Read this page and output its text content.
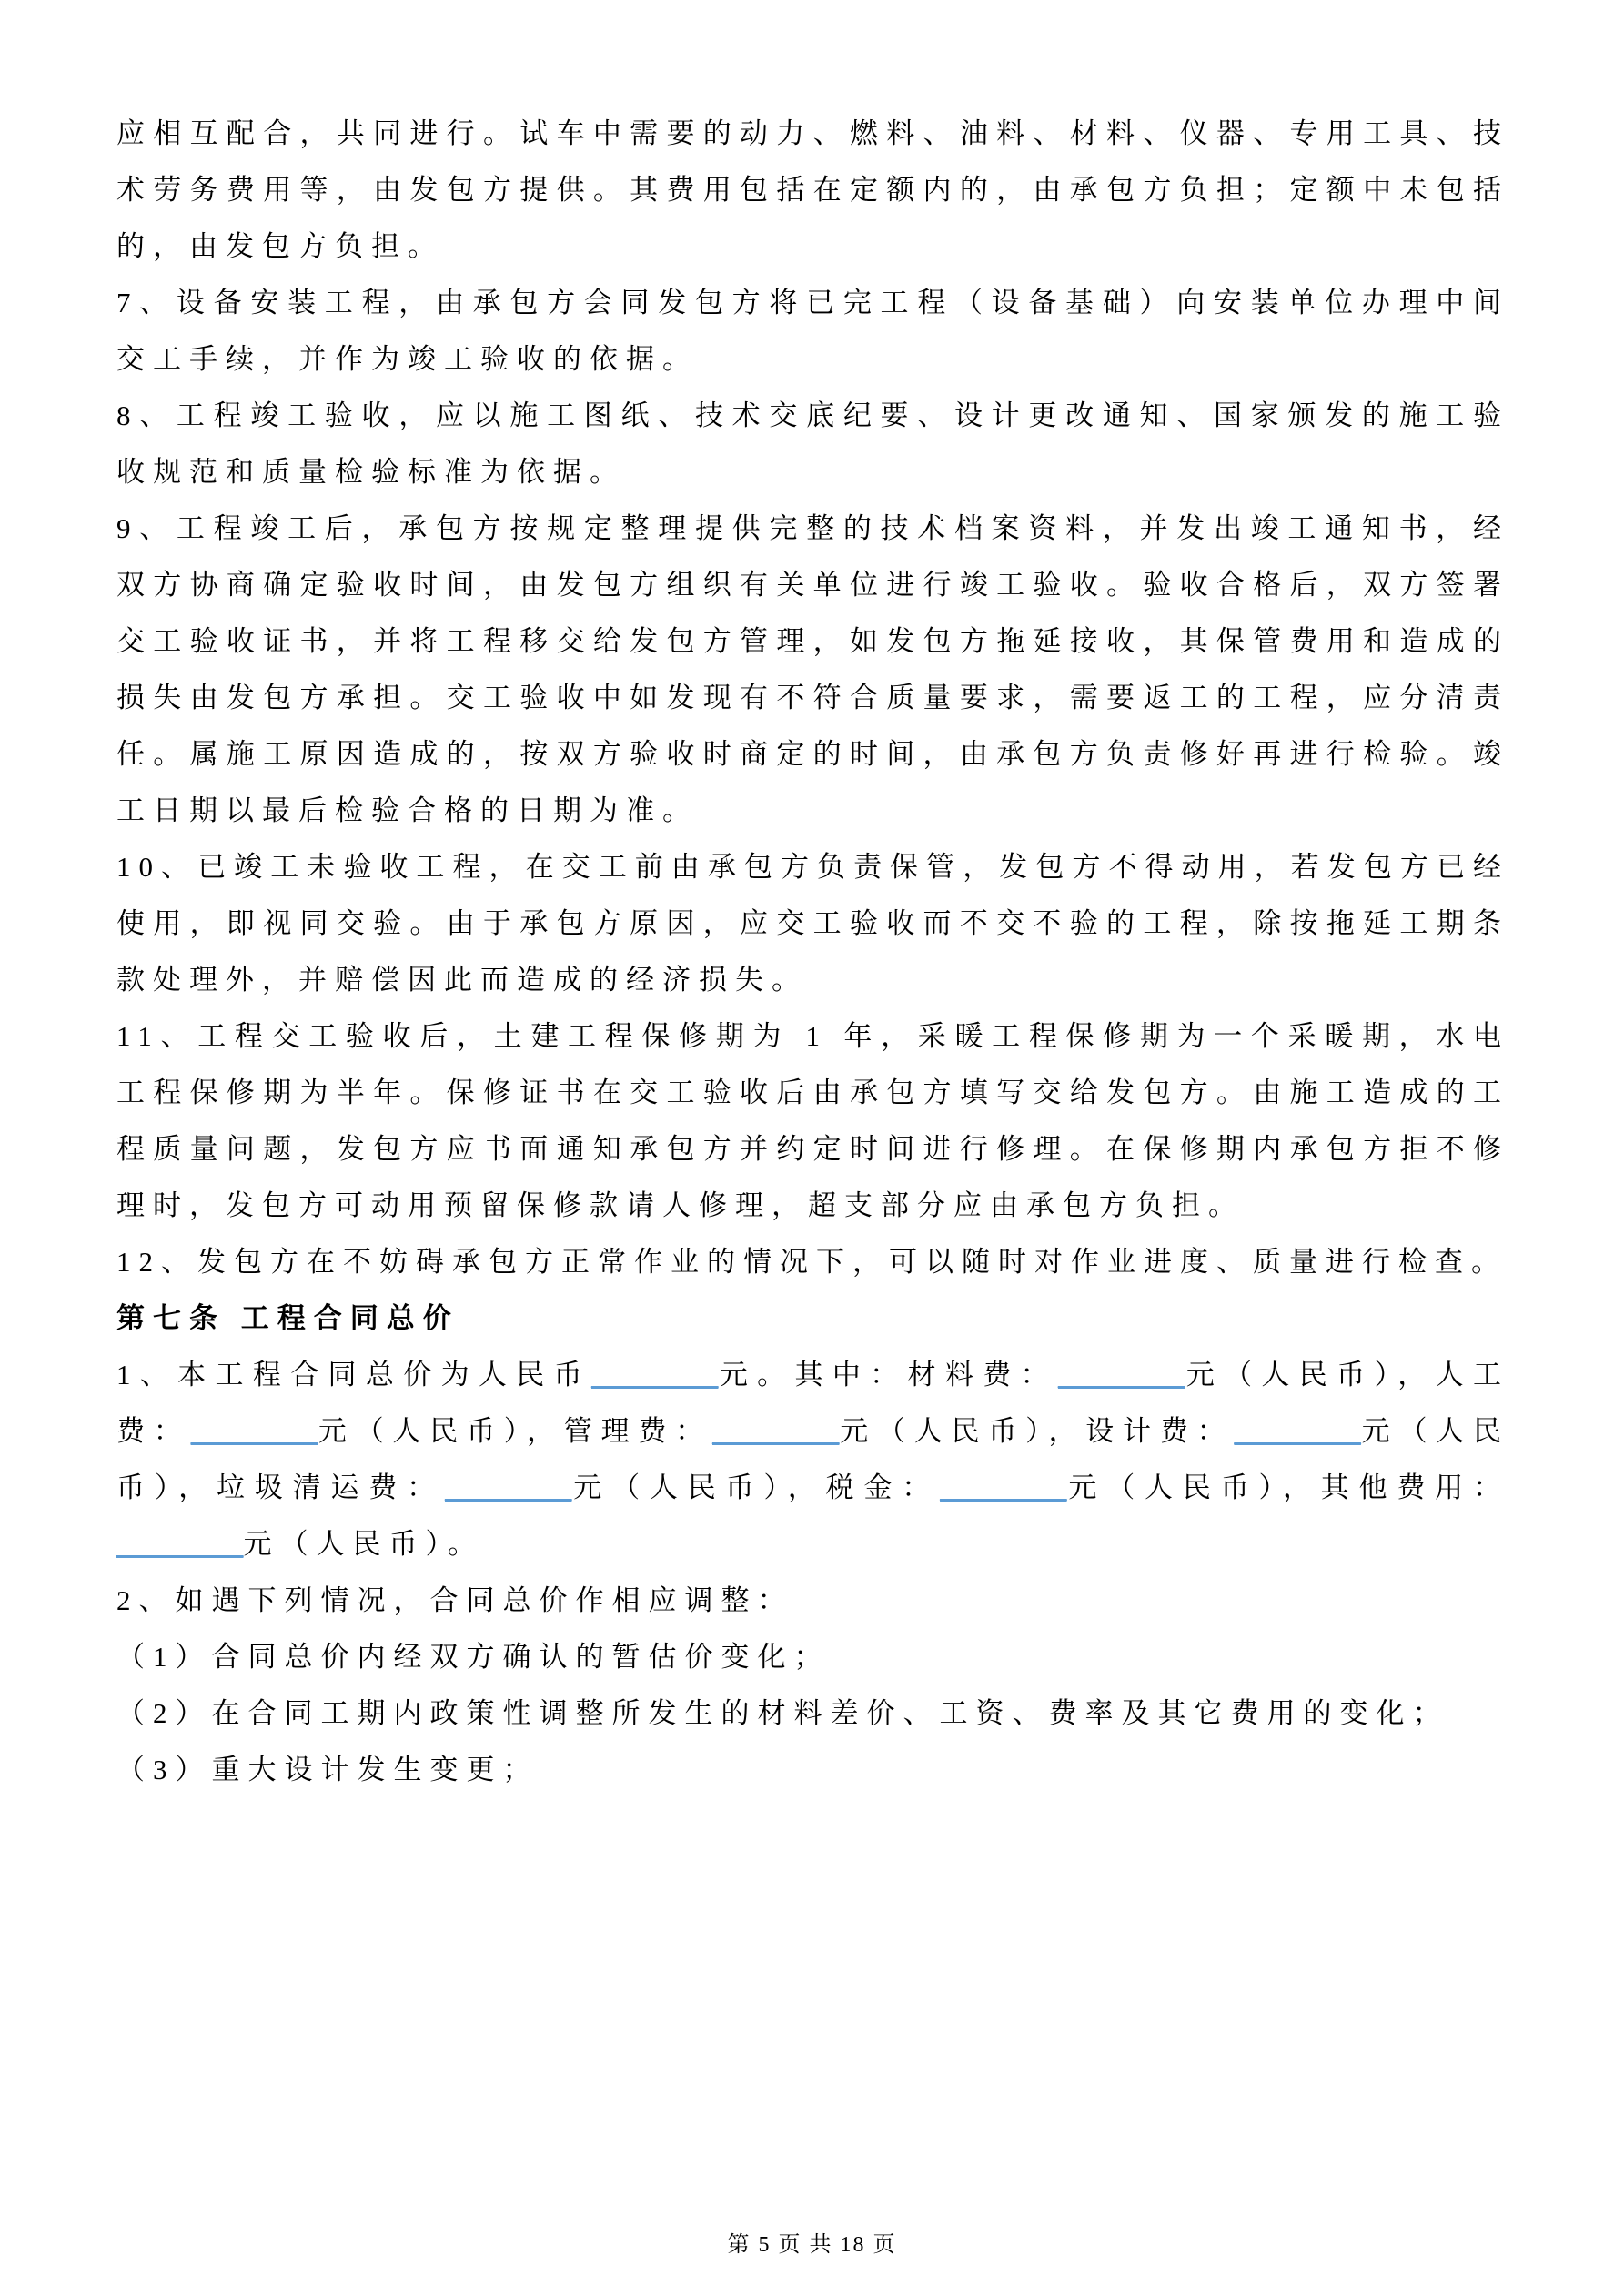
应相互配合，共同进行。试车中需要的动力、燃料、油料、材料、仪器、专用工具、技术劳务费用等，由发包方提供。其费用包括在定额内的，由承包方负担；定额中未包括的，由发包方负担。

7、设备安装工程，由承包方会同发包方将已完工程（设备基础）向安装单位办理中间交工手续，并作为竣工验收的依据。

8、工程竣工验收，应以施工图纸、技术交底纪要、设计更改通知、国家颁发的施工验收规范和质量检验标准为依据。

9、工程竣工后，承包方按规定整理提供完整的技术档案资料，并发出竣工通知书，经双方协商确定验收时间，由发包方组织有关单位进行竣工验收。验收合格后，双方签署交工验收证书，并将工程移交给发包方管理，如发包方拖延接收，其保管费用和造成的损失由发包方承担。交工验收中如发现有不符合质量要求，需要返工的工程，应分清责任。属施工原因造成的，按双方验收时商定的时间，由承包方负责修好再进行检验。竣工日期以最后检验合格的日期为准。

10、已竣工未验收工程，在交工前由承包方负责保管，发包方不得动用，若发包方已经使用，即视同交验。由于承包方原因，应交工验收而不交不验的工程，除按拖延工期条款处理外，并赔偿因此而造成的经济损失。

11、工程交工验收后，土建工程保修期为 1 年，采暖工程保修期为一个采暖期，水电工程保修期为半年。保修证书在交工验收后由承包方填写交给发包方。由施工造成的工程质量问题，发包方应书面通知承包方并约定时间进行修理。在保修期内承包方拒不修理时，发包方可动用预留保修款请人修理，超支部分应由承包方负担。

12、发包方在不妨碍承包方正常作业的情况下，可以随时对作业进度、质量进行检查。

第七条 工程合同总价

1、本工程合同总价为人民币_________元。其中：材料费：_________元（人民币），人工费：_________元（人民币），管理费：_________元（人民币），设计费：_________元（人民币），垃圾清运费：_________元（人民币），税金：_________元（人民币），其他费用：_________元（人民币）。

2、如遇下列情况，合同总价作相应调整：

（1）合同总价内经双方确认的暂估价变化；

（2）在合同工期内政策性调整所发生的材料差价、工资、费率及其它费用的变化；

（3）重大设计发生变更；

第 5 页 共 18 页
